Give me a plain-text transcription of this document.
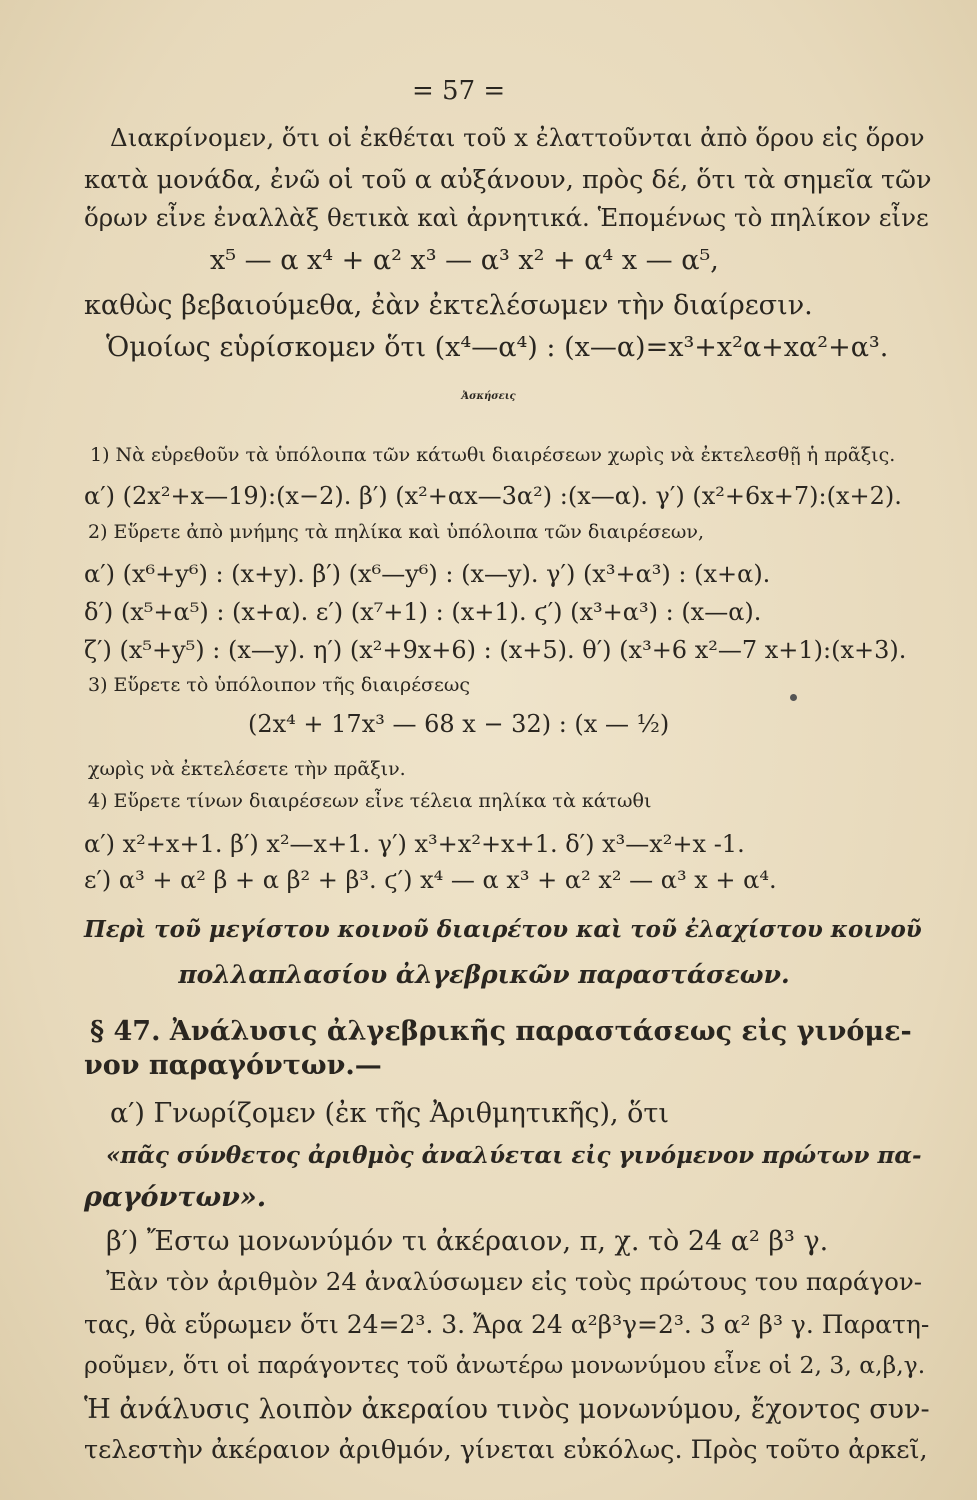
= 57 =
Διακρίνομεν, ὅτι οἱ ἐκθέται τοῦ x ἐλαττοῦνται ἀπὸ ὅρου εἰς ὅρον
κατὰ μονάδα, ἐνῶ οἱ τοῦ α αὐξάνουν, πρὸς δέ, ὅτι τὰ σημεῖα τῶν
ὅρων εἶνε ἐναλλὰξ θετικὰ καὶ ἀρνητικά. Ἑπομένως τὸ πηλίκον εἶνε
x⁵ — α x⁴ + α² x³ — α³ x² + α⁴ x — α⁵,
καθὼς βεβαιούμεθα, ἐὰν ἐκτελέσωμεν τὴν διαίρεσιν.
Ὁμοίως εὑρίσκομεν ὅτι (x⁴—α⁴) : (x—α)=x³+x²α+xα²+α³.
Ἀσκήσεις
1) Νὰ εὑρεθοῦν τὰ ὑπόλοιπα τῶν κάτωθι διαιρέσεων χωρὶς νὰ ἐκτελεσθῇ ἡ πρᾶξις.
α′) (2x²+x—19):(x−2). β′) (x²+αx—3α²) :(x—α). γ′) (x²+6x+7):(x+2).
2) Εὕρετε ἀπὸ μνήμης τὰ πηλίκα καὶ ὑπόλοιπα τῶν διαιρέσεων,
α′) (x⁶+y⁶) : (x+y). β′) (x⁶—y⁶) : (x—y). γ′) (x³+α³) : (x+α).
δ′) (x⁵+α⁵) : (x+α). ε′) (x⁷+1) : (x+1). ϛ′) (x³+α³) : (x—α).
ζ′) (x⁵+y⁵) : (x—y). η′) (x²+9x+6) : (x+5). θ′) (x³+6 x²—7 x+1):(x+3).
3) Εὕρετε τὸ ὑπόλοιπον τῆς διαιρέσεως
(2x⁴ + 17x³ — 68 x − 32) : (x — ½)
χωρὶς νὰ ἐκτελέσετε τὴν πρᾶξιν.
4) Εὕρετε τίνων διαιρέσεων εἶνε τέλεια πηλίκα τὰ κάτωθι
α′) x²+x+1. β′) x²—x+1. γ′) x³+x²+x+1. δ′) x³—x²+x -1.
ε′) α³ + α² β + α β² + β³. ϛ′) x⁴ — α x³ + α² x² — α³ x + α⁴.
Περὶ τοῦ μεγίστου κοινοῦ διαιρέτου καὶ τοῦ ἐλαχίστου κοινοῦ
πολλαπλασίου ἀλγεβρικῶν παραστάσεων.
§ 47. Ἀνάλυσις ἀλγεβρικῆς παραστάσεως εἰς γινόμε-
νον παραγόντων.—
α′) Γνωρίζομεν (ἐκ τῆς Ἀριθμητικῆς), ὅτι
«πᾶς σύνθετος ἀριθμὸς ἀναλύεται εἰς γινόμενον πρώτων πα-
ραγόντων».
β′) Ἔστω μονωνύμόν τι ἀκέραιον, π, χ. τὸ 24 α² β³ γ.
Ἐὰν τὸν ἀριθμὸν 24 ἀναλύσωμεν εἰς τοὺς πρώτους του παράγον-
τας, θὰ εὕρωμεν ὅτι 24=2³. 3. Ἄρα 24 α²β³γ=2³. 3 α² β³ γ. Παρατη-
ροῦμεν, ὅτι οἱ παράγοντες τοῦ ἀνωτέρω μονωνύμου εἶνε οἱ 2, 3, α,β,γ.
Ἡ ἀνάλυσις λοιπὸν ἀκεραίου τινὸς μονωνύμου, ἔχοντος συν-
τελεστὴν ἀκέραιον ἀριθμόν, γίνεται εὐκόλως. Πρὸς τοῦτο ἀρκεῖ,
